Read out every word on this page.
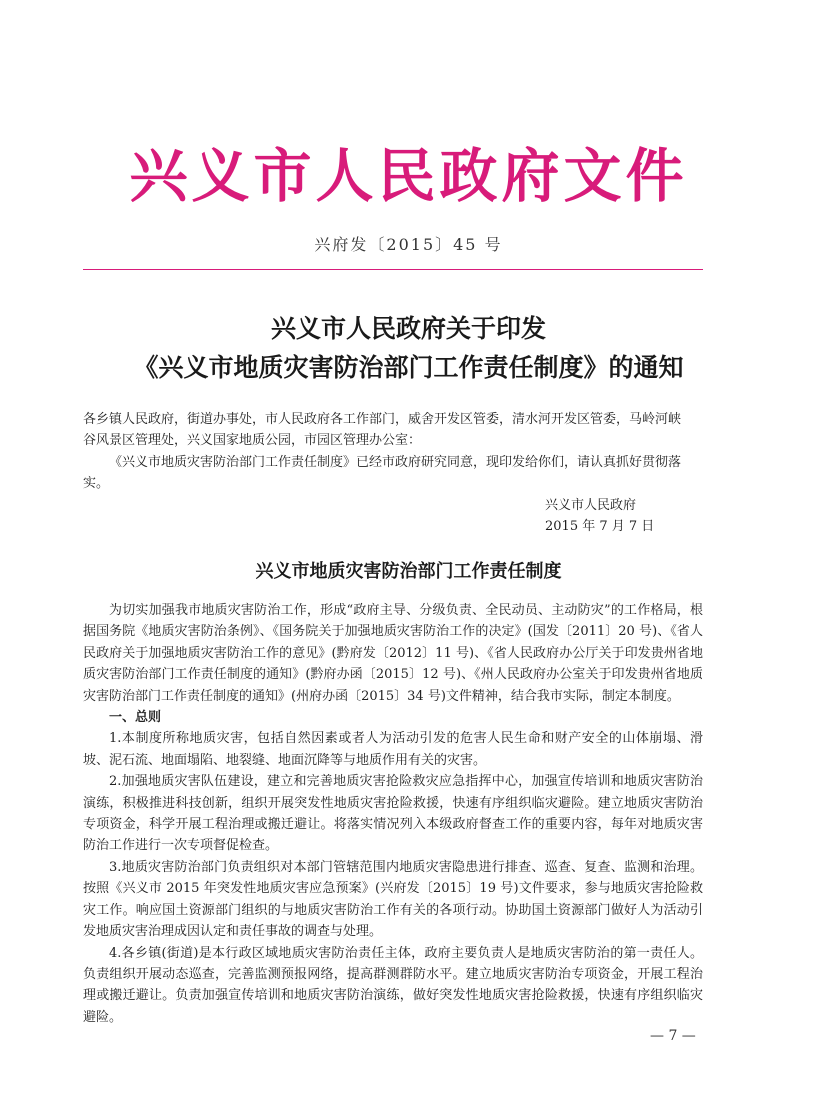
兴义市人民政府文件
兴府发〔2015〕45 号
兴义市人民政府关于印发
《兴义市地质灾害防治部门工作责任制度》的通知

各乡镇人民政府，街道办事处，市人民政府各工作部门，威舍开发区管委，清水河开发区管委，马岭河峡

谷风景区管理处，兴义国家地质公园，市园区管理办公室：

《兴义市地质灾害防治部门工作责任制度》已经市政府研究同意，现印发给你们，请认真抓好贯彻落

实。

兴义市人民政府
2015 年 7 月 7 日
兴义市地质灾害防治部门工作责任制度

为切实加强我市地质灾害防治工作，形成“政府主导、分级负责、全民动员、主动防灾”的工作格局，根据国务院《地质灾害防治条例》、《国务院关于加强地质灾害防治工作的决定》(国发〔2011〕20 号)、《省人民政府关于加强地质灾害防治工作的意见》(黔府发〔2012〕11 号)、《省人民政府办公厅关于印发贵州省地质灾害防治部门工作责任制度的通知》(黔府办函〔2015〕12 号)、《州人民政府办公室关于印发贵州省地质灾害防治部门工作责任制度的通知》(州府办函〔2015〕34 号)文件精神，结合我市实际，制定本制度。

一、总则

1.本制度所称地质灾害，包括自然因素或者人为活动引发的危害人民生命和财产安全的山体崩塌、滑坡、泥石流、地面塌陷、地裂缝、地面沉降等与地质作用有关的灾害。

2.加强地质灾害队伍建设，建立和完善地质灾害抢险救灾应急指挥中心，加强宣传培训和地质灾害防治演练，积极推进科技创新，组织开展突发性地质灾害抢险救援，快速有序组织临灾避险。建立地质灾害防治专项资金，科学开展工程治理或搬迁避让。将落实情况列入本级政府督查工作的重要内容，每年对地质灾害防治工作进行一次专项督促检查。

3.地质灾害防治部门负责组织对本部门管辖范围内地质灾害隐患进行排查、巡查、复查、监测和治理。按照《兴义市 2015 年突发性地质灾害应急预案》(兴府发〔2015〕19 号)文件要求，参与地质灾害抢险救灾工作。响应国土资源部门组织的与地质灾害防治工作有关的各项行动。协助国土资源部门做好人为活动引发地质灾害治理成因认定和责任事故的调查与处理。

4.各乡镇(街道)是本行政区域地质灾害防治责任主体，政府主要负责人是地质灾害防治的第一责任人。负责组织开展动态巡查，完善监测预报网络，提高群测群防水平。建立地质灾害防治专项资金，开展工程治理或搬迁避让。负责加强宣传培训和地质灾害防治演练，做好突发性地质灾害抢险救援，快速有序组织临灾避险。

— 7 —
